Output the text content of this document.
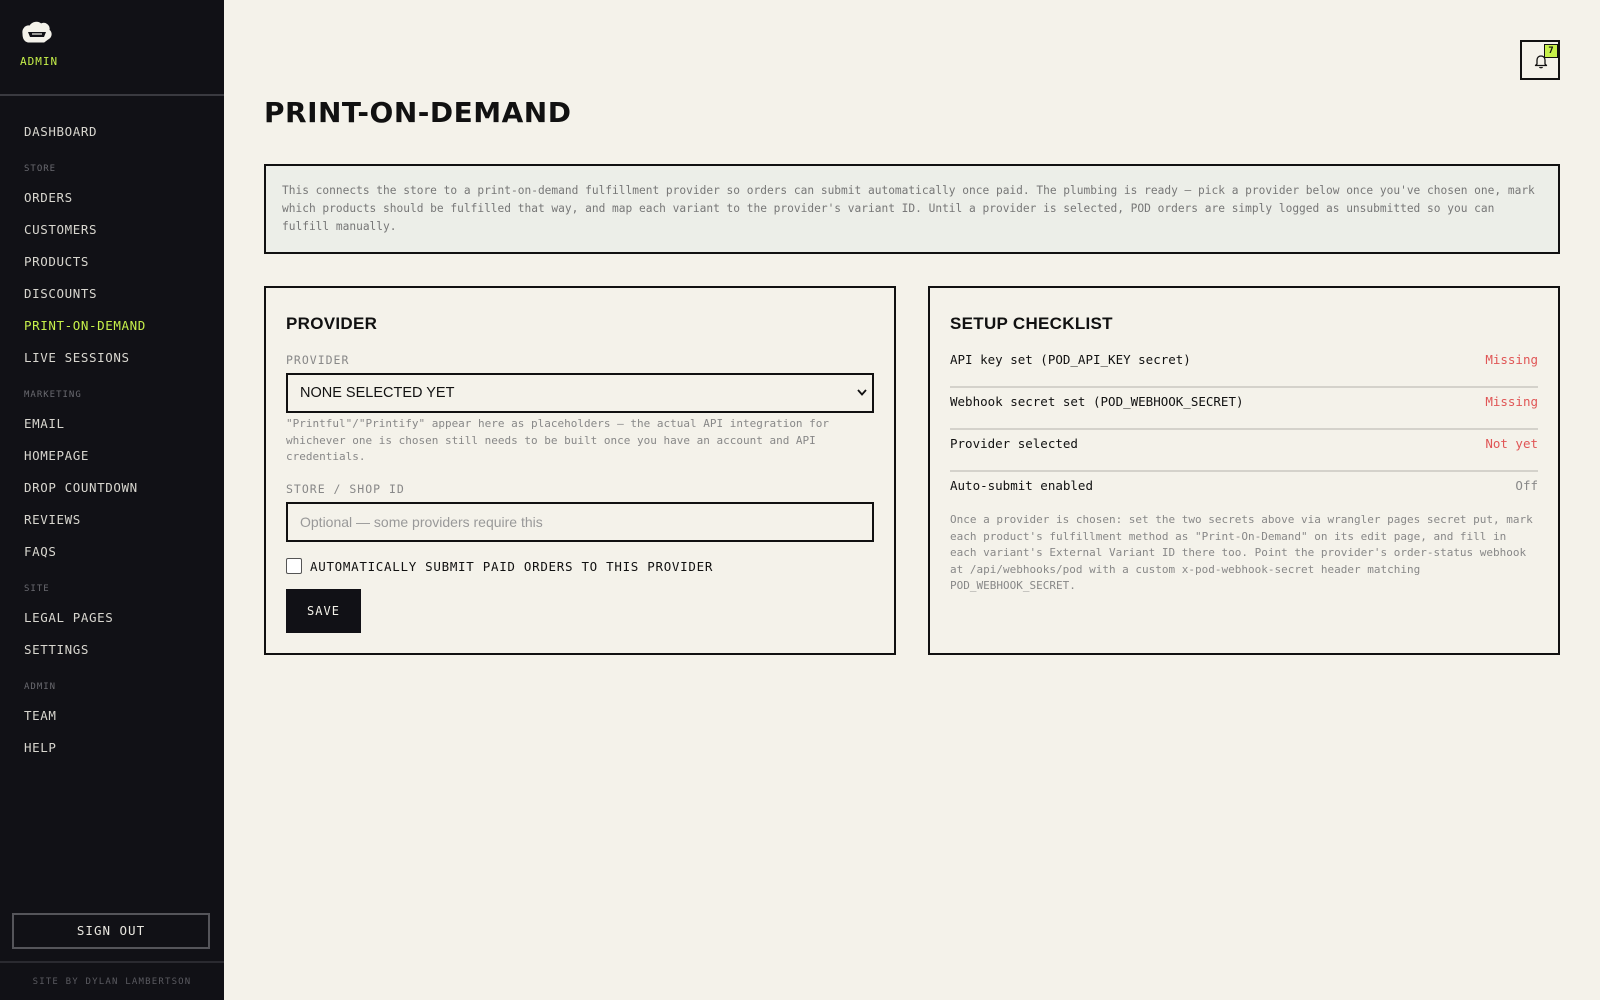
ADMIN
DASHBOARD
STORE
ORDERS
CUSTOMERS
PRODUCTS
DISCOUNTS
PRINT-ON-DEMAND
LIVE SESSIONS
MARKETING
EMAIL
HOMEPAGE
DROP COUNTDOWN
REVIEWS
FAQS
SITE
LEGAL PAGES
SETTINGS
ADMIN
TEAM
HELP
SIGN OUT
SITE BY DYLAN LAMBERTSON
7
PRINT-ON-DEMAND
This connects the store to a print-on-demand fulfillment provider so orders can submit automatically once paid. The plumbing is ready — pick a provider below once you've chosen one, mark which products should be fulfilled that way, and map each variant to the provider's variant ID. Until a provider is selected, POD orders are simply logged as unsubmitted so you can fulfill manually.
PROVIDER
PROVIDER
NONE SELECTED YET
"Printful"/"Printify" appear here as placeholders — the actual API integration for whichever one is chosen still needs to be built once you have an account and API credentials.
STORE / SHOP ID
Optional — some providers require this
AUTOMATICALLY SUBMIT PAID ORDERS TO THIS PROVIDER
SAVE
SETUP CHECKLIST
API key set (POD_API_KEY secret)	Missing
Webhook secret set (POD_WEBHOOK_SECRET)	Missing
Provider selected	Not yet
Auto-submit enabled	Off
Once a provider is chosen: set the two secrets above via wrangler pages secret put, mark each product's fulfillment method as "Print-On-Demand" on its edit page, and fill in each variant's External Variant ID there too. Point the provider's order-status webhook at /api/webhooks/pod with a custom x-pod-webhook-secret header matching POD_WEBHOOK_SECRET.
